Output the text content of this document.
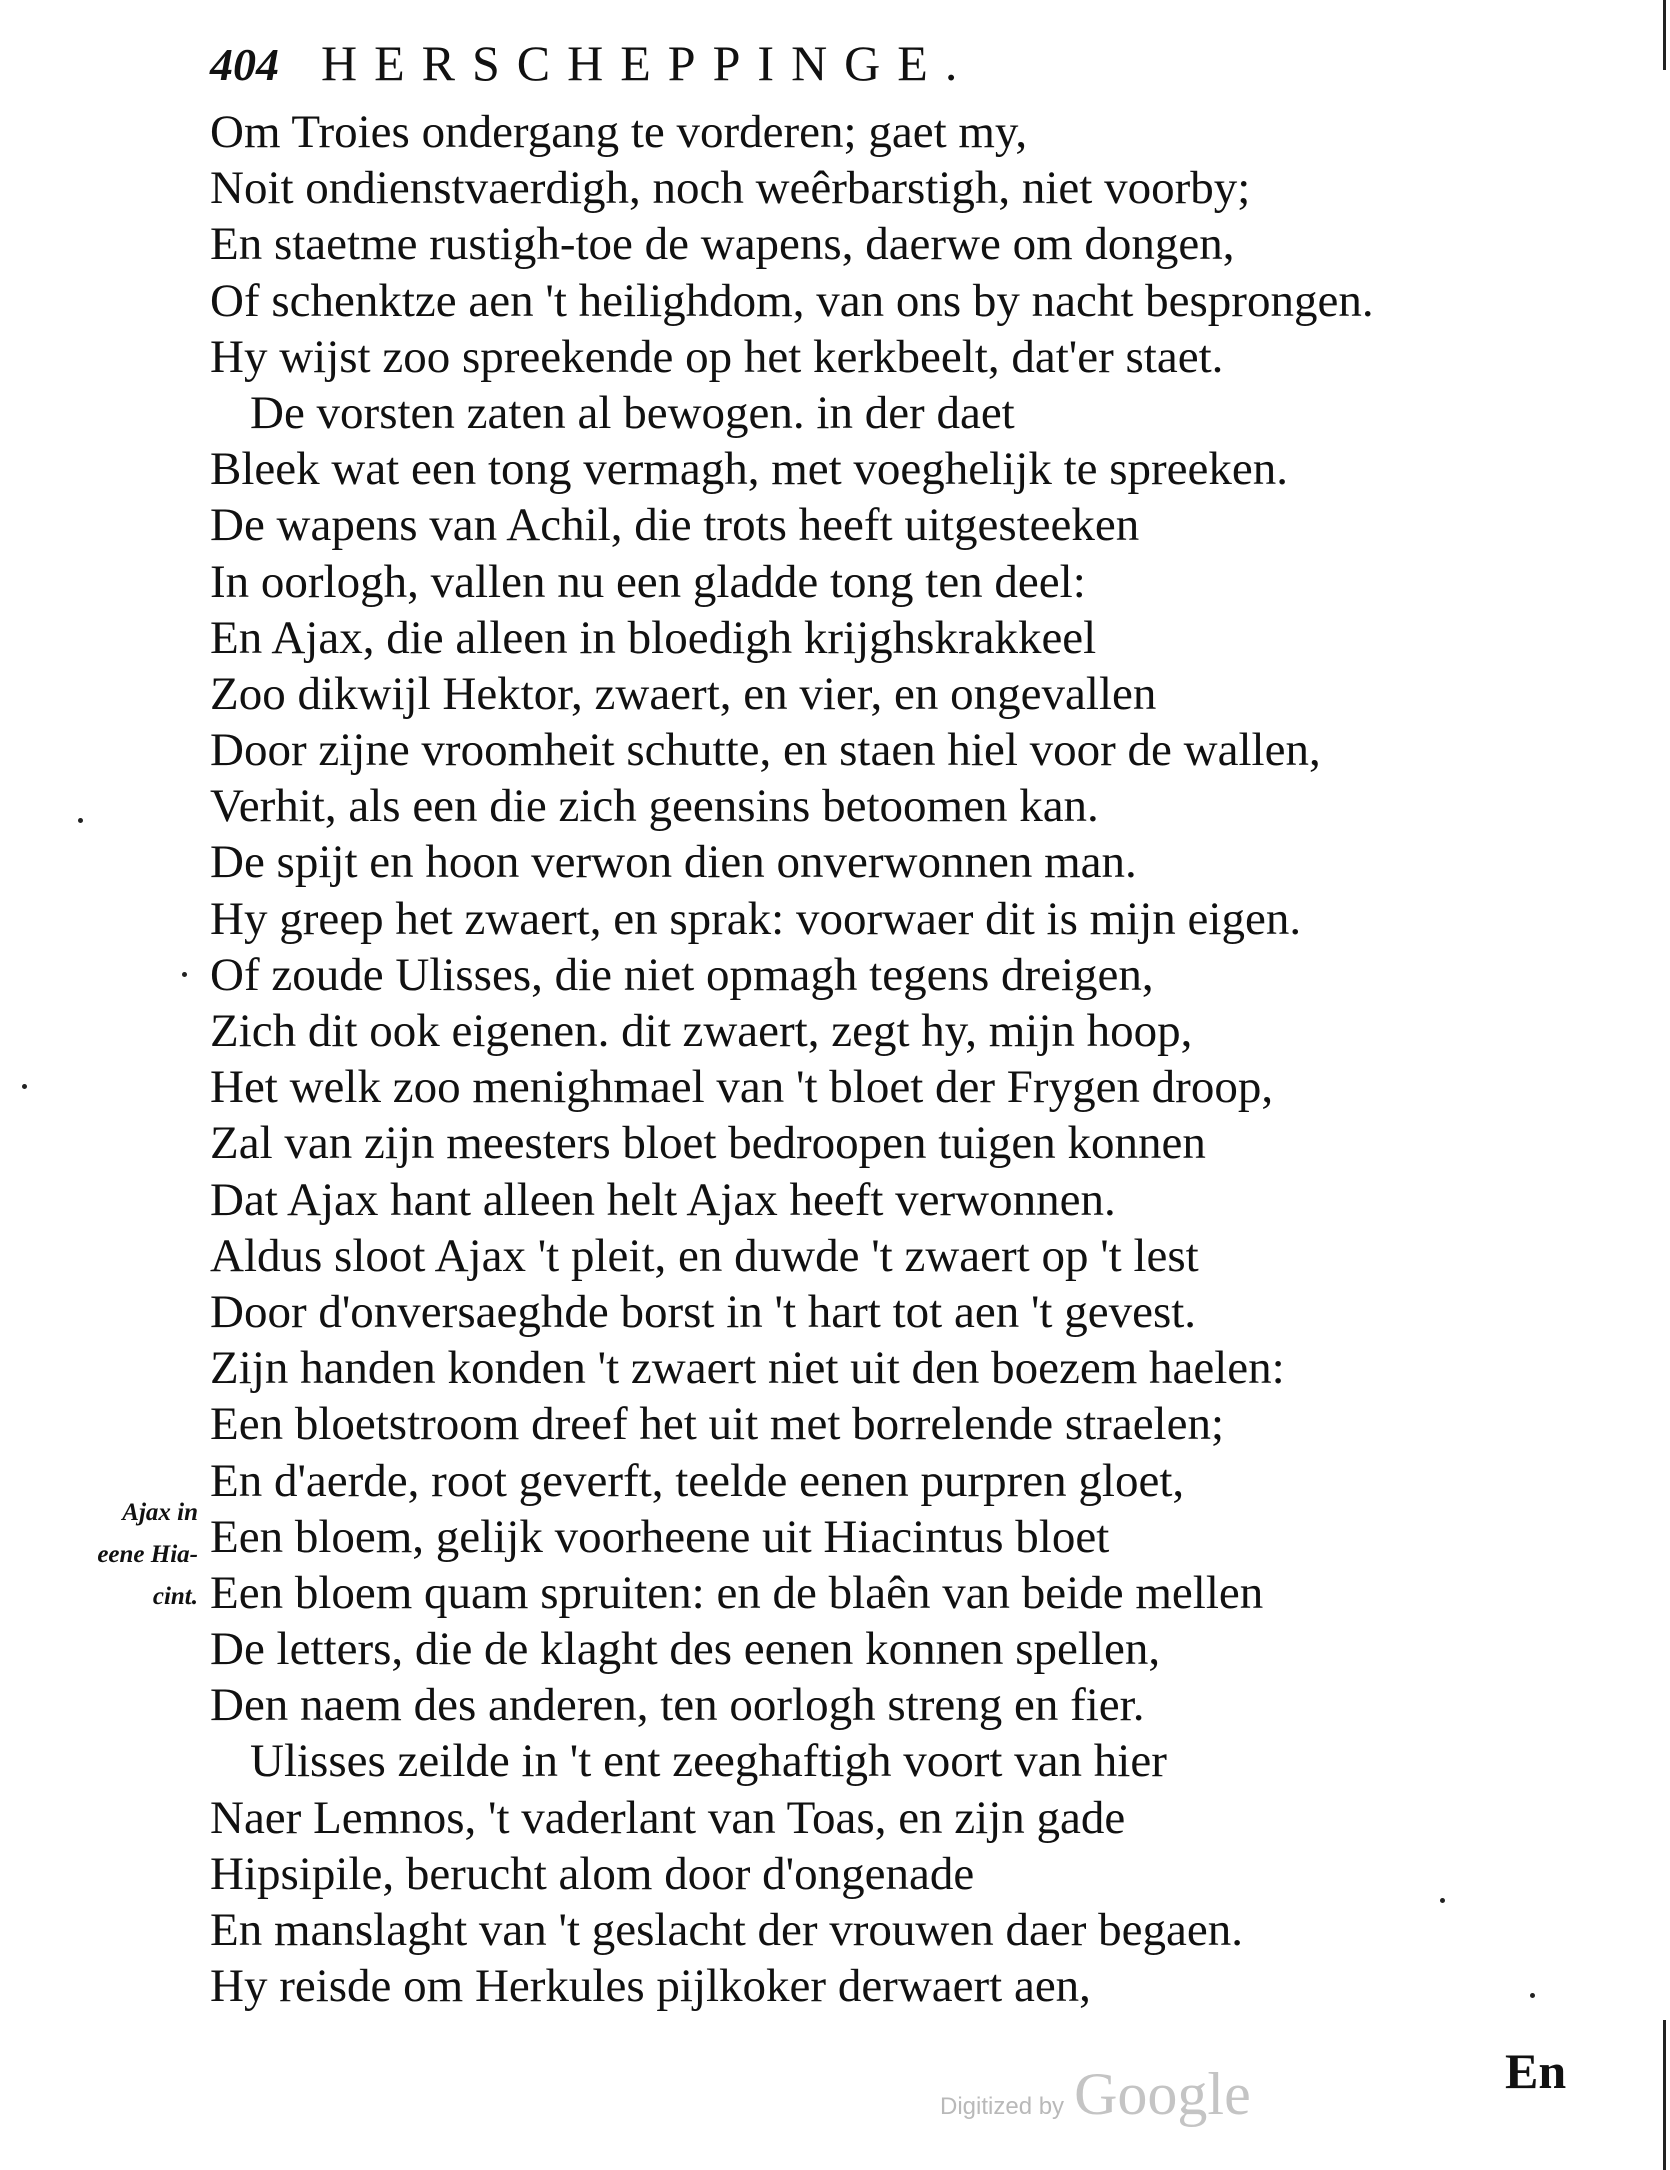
404 HERSCHEPPINGE.
Om Troies ondergang te vorderen; gaet my,
Noit ondienstvaerdigh, noch weêrbarstigh, niet voorby;
En staetme rustigh-toe de wapens, daerwe om dongen,
Of schenktze aen 't heilighdom, van ons by nacht besprongen.
Hy wijst zoo spreekende op het kerkbeelt, dat'er staet.
De vorsten zaten al bewogen. in der daet
Bleek wat een tong vermagh, met voeghelijk te spreeken.
De wapens van Achil, die trots heeft uitgesteeken
In oorlogh, vallen nu een gladde tong ten deel:
En Ajax, die alleen in bloedigh krijghskrakkeel
Zoo dikwijl Hektor, zwaert, en vier, en ongevallen
Door zijne vroomheit schutte, en staen hiel voor de wallen,
Verhit, als een die zich geensins betoomen kan.
De spijt en hoon verwon dien onverwonnen man.
Hy greep het zwaert, en sprak: voorwaer dit is mijn eigen.
Of zoude Ulisses, die niet opmagh tegens dreigen,
Zich dit ook eigenen. dit zwaert, zegt hy, mijn hoop,
Het welk zoo menighmael van 't bloet der Frygen droop,
Zal van zijn meesters bloet bedroopen tuigen konnen
Dat Ajax hant alleen helt Ajax heeft verwonnen.
Aldus sloot Ajax 't pleit, en duwde 't zwaert op 't lest
Door d'onversaeghde borst in 't hart tot aen 't gevest.
Zijn handen konden 't zwaert niet uit den boezem haelen:
Een bloetstroom dreef het uit met borrelende straelen;
En d'aerde, root geverft, teelde eenen purpren gloet,
Een bloem, gelijk voorheene uit Hiacintus bloet
Een bloem quam spruiten: en de blaên van beide mellen
De letters, die de klaght des eenen konnen spellen,
Den naem des anderen, ten oorlogh streng en fier.
Ulisses zeilde in 't ent zeeghaftigh voort van hier
Naer Lemnos, 't vaderlant van Toas, en zijn gade
Hipsipile, berucht alom door d'ongenade
En manslaght van 't geslacht der vrouwen daer begaen.
Hy reisde om Herkules pijlkoker derwaert aen,
Ajax in
eene Hia-
cint.
En
Digitized by Google
